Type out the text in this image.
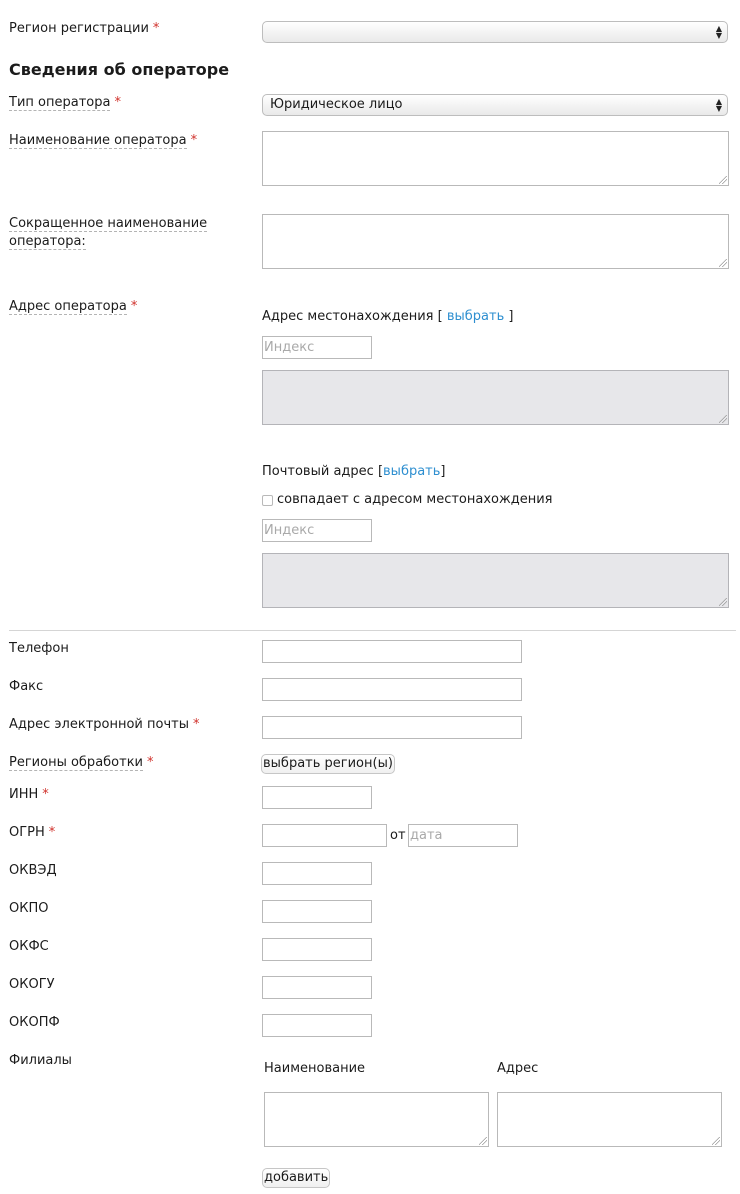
Регион регистрации *	▲
▼
Сведения об операторе
Тип оператора *	Юридическое лицо	▲
▼
Наименование оператора *
Сокращенное наименование оператора:
Адрес оператора *
Адрес местонахождения [ выбрать ]
Индекс
Почтовый адрес [выбрать]
совпадает с адресом местонахождения
Индекс
Телефон
Факс
Адрес электронной почты *
Регионы обработки *	выбрать регион(ы)
ИНН *
ОГРН *	от дата
ОКВЭД
ОКПО
ОКФС
ОКОГУ
ОКОПФ
Филиалы
Наименование	Адрес
добавить
